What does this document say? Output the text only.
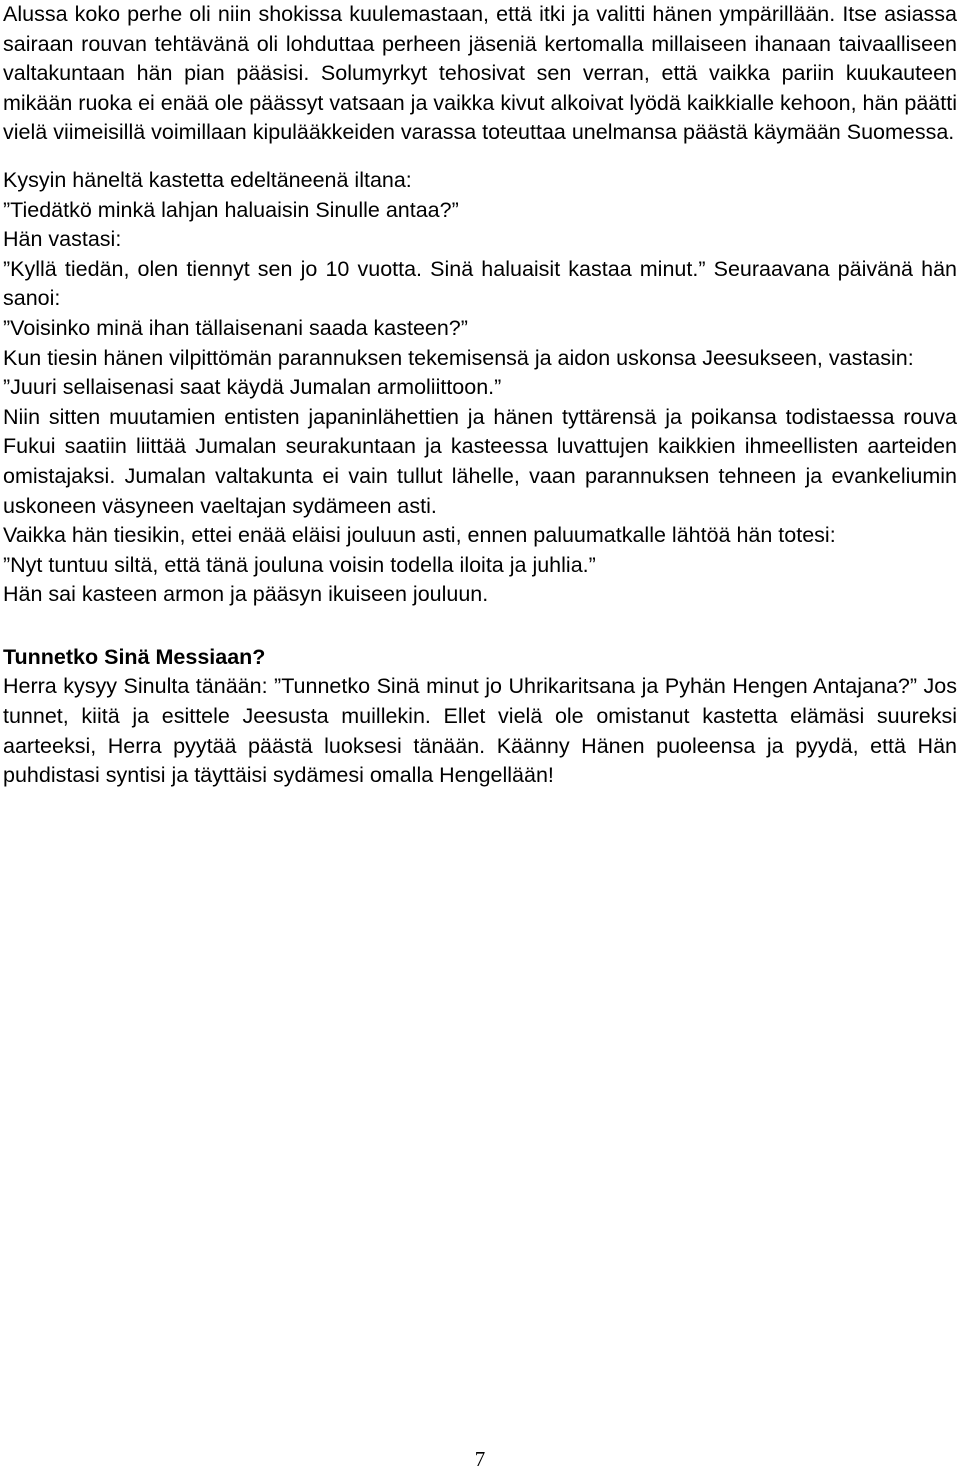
Alussa koko perhe oli niin shokissa kuulemastaan, että itki ja valitti hänen ympärillään. Itse asiassa sairaan rouvan tehtävänä oli lohduttaa perheen jäseniä kertomalla millaiseen ihanaan taivaalliseen valtakuntaan hän pian pääsisi. Solumyrkyt tehosivat sen verran, että vaikka pariin kuukauteen mikään ruoka ei enää ole päässyt vatsaan ja vaikka kivut alkoivat lyödä kaikkialle kehoon, hän päätti vielä viimeisillä voimillaan kipulääkkeiden varassa toteuttaa unelmansa päästä käymään Suomessa.

Kysyin häneltä kastetta edeltäneenä iltana:

”Tiedätkö minkä lahjan haluaisin Sinulle antaa?”

Hän vastasi:

”Kyllä tiedän, olen tiennyt sen jo 10 vuotta. Sinä haluaisit kastaa minut.” Seuraavana päivänä hän sanoi:

”Voisinko minä ihan tällaisenani saada kasteen?”

Kun tiesin hänen vilpittömän parannuksen tekemisensä ja aidon uskonsa Jeesukseen, vastasin:

”Juuri sellaisenasi saat käydä Jumalan armoliittoon.”

Niin sitten muutamien entisten japaninlähettien ja hänen tyttärensä ja poikansa todistaessa rouva Fukui saatiin liittää Jumalan seurakuntaan ja kasteessa luvattujen kaikkien ihmeellisten aarteiden omistajaksi. Jumalan valtakunta ei vain tullut lähelle, vaan parannuksen tehneen ja evankeliumin uskoneen väsyneen vaeltajan sydämeen asti.

Vaikka hän tiesikin, ettei enää eläisi jouluun asti, ennen paluumatkalle lähtöä hän totesi:

”Nyt tuntuu siltä, että tänä jouluna voisin todella iloita ja juhlia.”

Hän sai kasteen armon ja pääsyn ikuiseen jouluun.

Tunnetko Sinä Messiaan?

Herra kysyy Sinulta tänään: ”Tunnetko Sinä minut jo Uhrikaritsana ja Pyhän Hengen Antajana?” Jos tunnet, kiitä ja esittele Jeesusta muillekin. Ellet vielä ole omistanut kastetta elämäsi suureksi aarteeksi, Herra pyytää päästä luoksesi tänään. Käänny Hänen puoleensa ja pyydä, että Hän puhdistasi syntisi ja täyttäisi sydämesi omalla Hengellään!

7
